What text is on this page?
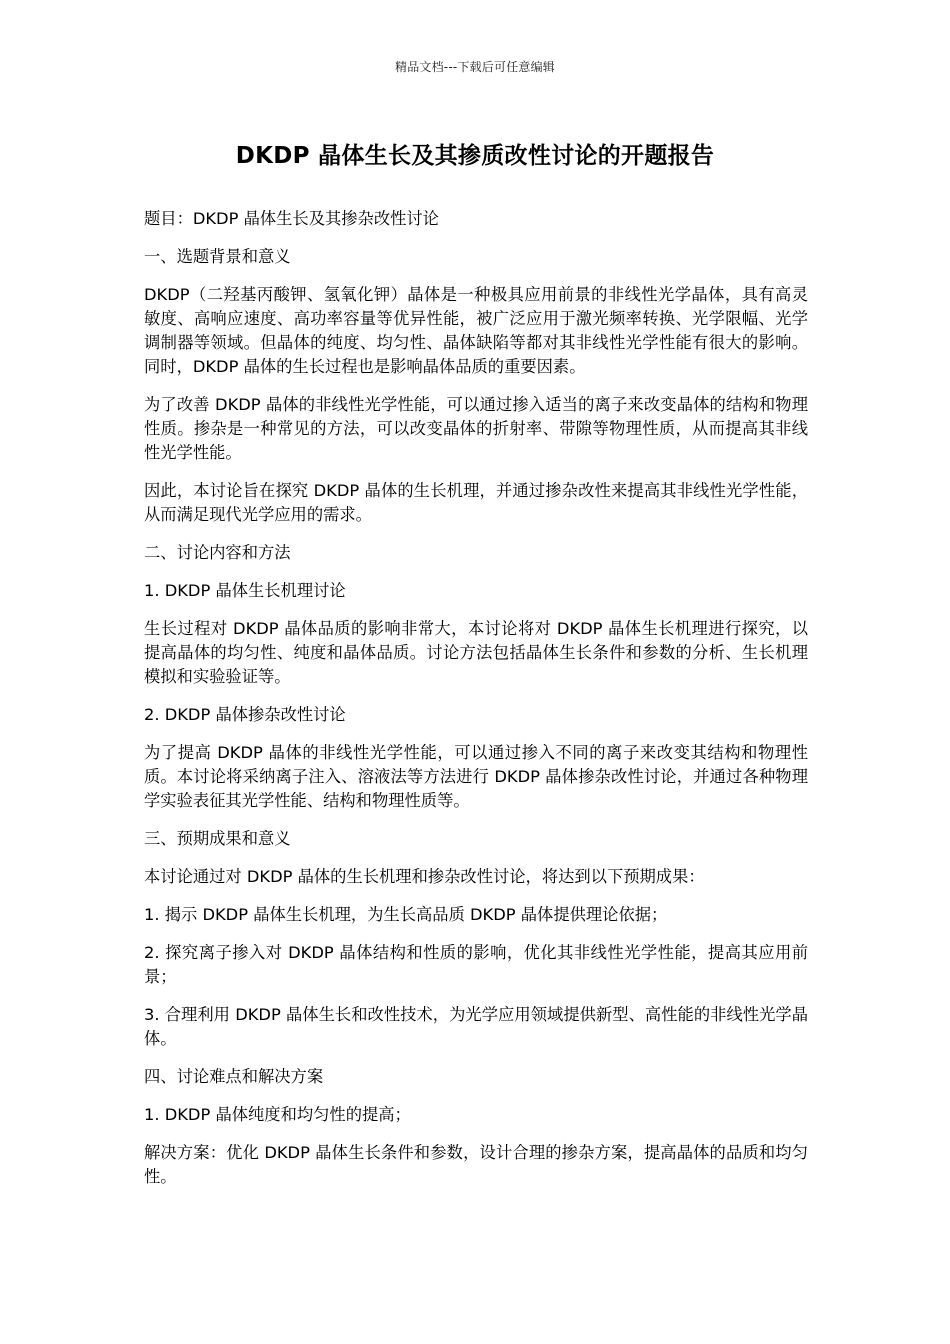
精品文档---下载后可任意编辑
DKDP 晶体生长及其掺质改性讨论的开题报告

题目：DKDP 晶体生长及其掺杂改性讨论

一、选题背景和意义

DKDP（二羟基丙酸钾、氢氧化钾）晶体是一种极具应用前景的非线性光学晶体，具有高灵敏度、高响应速度、高功率容量等优异性能，被广泛应用于激光频率转换、光学限幅、光学调制器等领域。但晶体的纯度、均匀性、晶体缺陷等都对其非线性光学性能有很大的影响。同时，DKDP 晶体的生长过程也是影响晶体品质的重要因素。

为了改善 DKDP 晶体的非线性光学性能，可以通过掺入适当的离子来改变晶体的结构和物理性质。掺杂是一种常见的方法，可以改变晶体的折射率、带隙等物理性质，从而提高其非线性光学性能。

因此，本讨论旨在探究 DKDP 晶体的生长机理，并通过掺杂改性来提高其非线性光学性能，从而满足现代光学应用的需求。

二、讨论内容和方法

1. DKDP 晶体生长机理讨论

生长过程对 DKDP 晶体品质的影响非常大，本讨论将对 DKDP 晶体生长机理进行探究，以提高晶体的均匀性、纯度和晶体品质。讨论方法包括晶体生长条件和参数的分析、生长机理模拟和实验验证等。

2. DKDP 晶体掺杂改性讨论

为了提高 DKDP 晶体的非线性光学性能，可以通过掺入不同的离子来改变其结构和物理性质。本讨论将采纳离子注入、溶液法等方法进行 DKDP 晶体掺杂改性讨论，并通过各种物理学实验表征其光学性能、结构和物理性质等。

三、预期成果和意义

本讨论通过对 DKDP 晶体的生长机理和掺杂改性讨论，将达到以下预期成果：

1. 揭示 DKDP 晶体生长机理，为生长高品质 DKDP 晶体提供理论依据；

2. 探究离子掺入对 DKDP 晶体结构和性质的影响，优化其非线性光学性能，提高其应用前景；

3. 合理利用 DKDP 晶体生长和改性技术，为光学应用领域提供新型、高性能的非线性光学晶体。

四、讨论难点和解决方案

1. DKDP 晶体纯度和均匀性的提高；

解决方案：优化 DKDP 晶体生长条件和参数，设计合理的掺杂方案，提高晶体的品质和均匀性。
